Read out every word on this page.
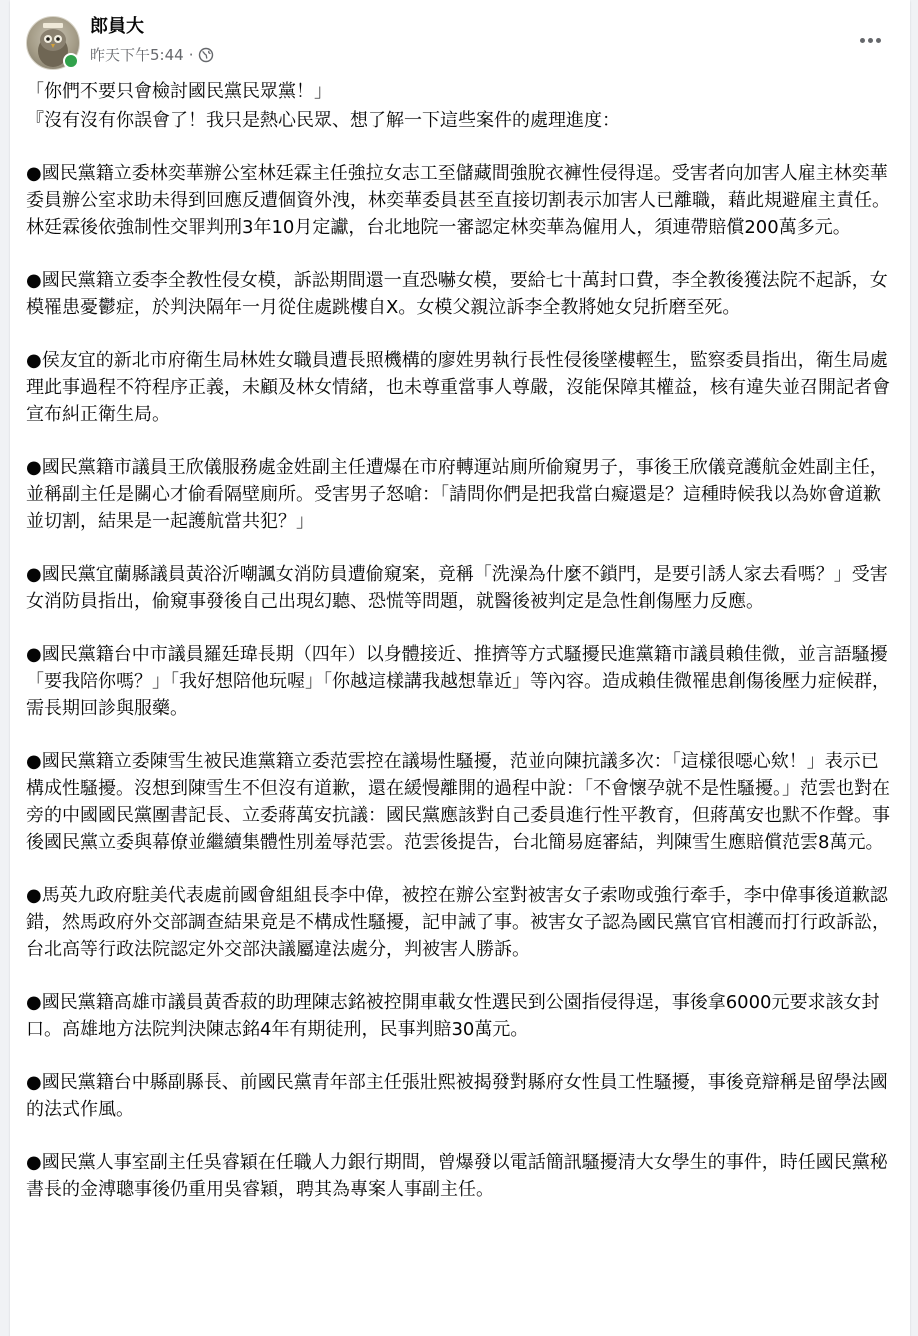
郎員大
昨天下午5:44 ·

「你們不要只會檢討國民黨民眾黨！」

『沒有沒有你誤會了！我只是熱心民眾、想了解一下這些案件的處理進度：

●國民黨籍立委林奕華辦公室林廷霖主任強拉女志工至儲藏間強脫衣褲性侵得逞。受害者向加害人雇主林奕華委員辦公室求助未得到回應反遭個資外洩，林奕華委員甚至直接切割表示加害人已離職，藉此規避雇主責任。林廷霖後依強制性交罪判刑3年10月定讞，台北地院一審認定林奕華為僱用人，須連帶賠償200萬多元。

●國民黨籍立委李全教性侵女模，訴訟期間還一直恐嚇女模，要給七十萬封口費，李全教後獲法院不起訴，女模罹患憂鬱症，於判決隔年一月從住處跳樓自X。女模父親泣訴李全教將她女兒折磨至死。

●侯友宜的新北市府衛生局林姓女職員遭長照機構的廖姓男執行長性侵後墜樓輕生，監察委員指出，衛生局處理此事過程不符程序正義，未顧及林女情緒，也未尊重當事人尊嚴，沒能保障其權益，核有違失並召開記者會宣布糾正衛生局。

●國民黨籍市議員王欣儀服務處金姓副主任遭爆在市府轉運站廁所偷窺男子，事後王欣儀竟護航金姓副主任，並稱副主任是關心才偷看隔壁廁所。受害男子怒嗆：「請問你們是把我當白癡還是？這種時候我以為妳會道歉並切割，結果是一起護航當共犯？」

●國民黨宜蘭縣議員黃浴沂嘲諷女消防員遭偷窺案，竟稱「洗澡為什麼不鎖門，是要引誘人家去看嗎？」受害女消防員指出，偷窺事發後自己出現幻聽、恐慌等問題，就醫後被判定是急性創傷壓力反應。

●國民黨籍台中市議員羅廷瑋長期（四年）以身體接近、推擠等方式騷擾民進黨籍市議員賴佳微，並言語騷擾「要我陪你嗎？」「我好想陪他玩喔」「你越這樣講我越想靠近」等內容。造成賴佳微罹患創傷後壓力症候群，需長期回診與服藥。

●國民黨籍立委陳雪生被民進黨籍立委范雲控在議場性騷擾，范並向陳抗議多次：「這樣很噁心欸！」表示已構成性騷擾。沒想到陳雪生不但沒有道歉，還在緩慢離開的過程中說：「不會懷孕就不是性騷擾。」范雲也對在旁的中國國民黨團書記長、立委蔣萬安抗議：國民黨應該對自己委員進行性平教育，但蔣萬安也默不作聲。事後國民黨立委與幕僚並繼續集體性別羞辱范雲。范雲後提告，台北簡易庭審結，判陳雪生應賠償范雲8萬元。

●馬英九政府駐美代表處前國會組組長李中偉，被控在辦公室對被害女子索吻或強行牽手，李中偉事後道歉認錯，然馬政府外交部調查結果竟是不構成性騷擾，記申誡了事。被害女子認為國民黨官官相護而打行政訴訟，台北高等行政法院認定外交部決議屬違法處分，判被害人勝訴。

●國民黨籍高雄市議員黃香菽的助理陳志銘被控開車載女性選民到公園指侵得逞，事後拿6000元要求該女封口。高雄地方法院判決陳志銘4年有期徒刑，民事判賠30萬元。

●國民黨籍台中縣副縣長、前國民黨青年部主任張壯熙被揭發對縣府女性員工性騷擾，事後竟辯稱是留學法國的法式作風。

●國民黨人事室副主任吳睿穎在任職人力銀行期間，曾爆發以電話簡訊騷擾清大女學生的事件，時任國民黨秘書長的金溥聰事後仍重用吳睿穎，聘其為專案人事副主任。
